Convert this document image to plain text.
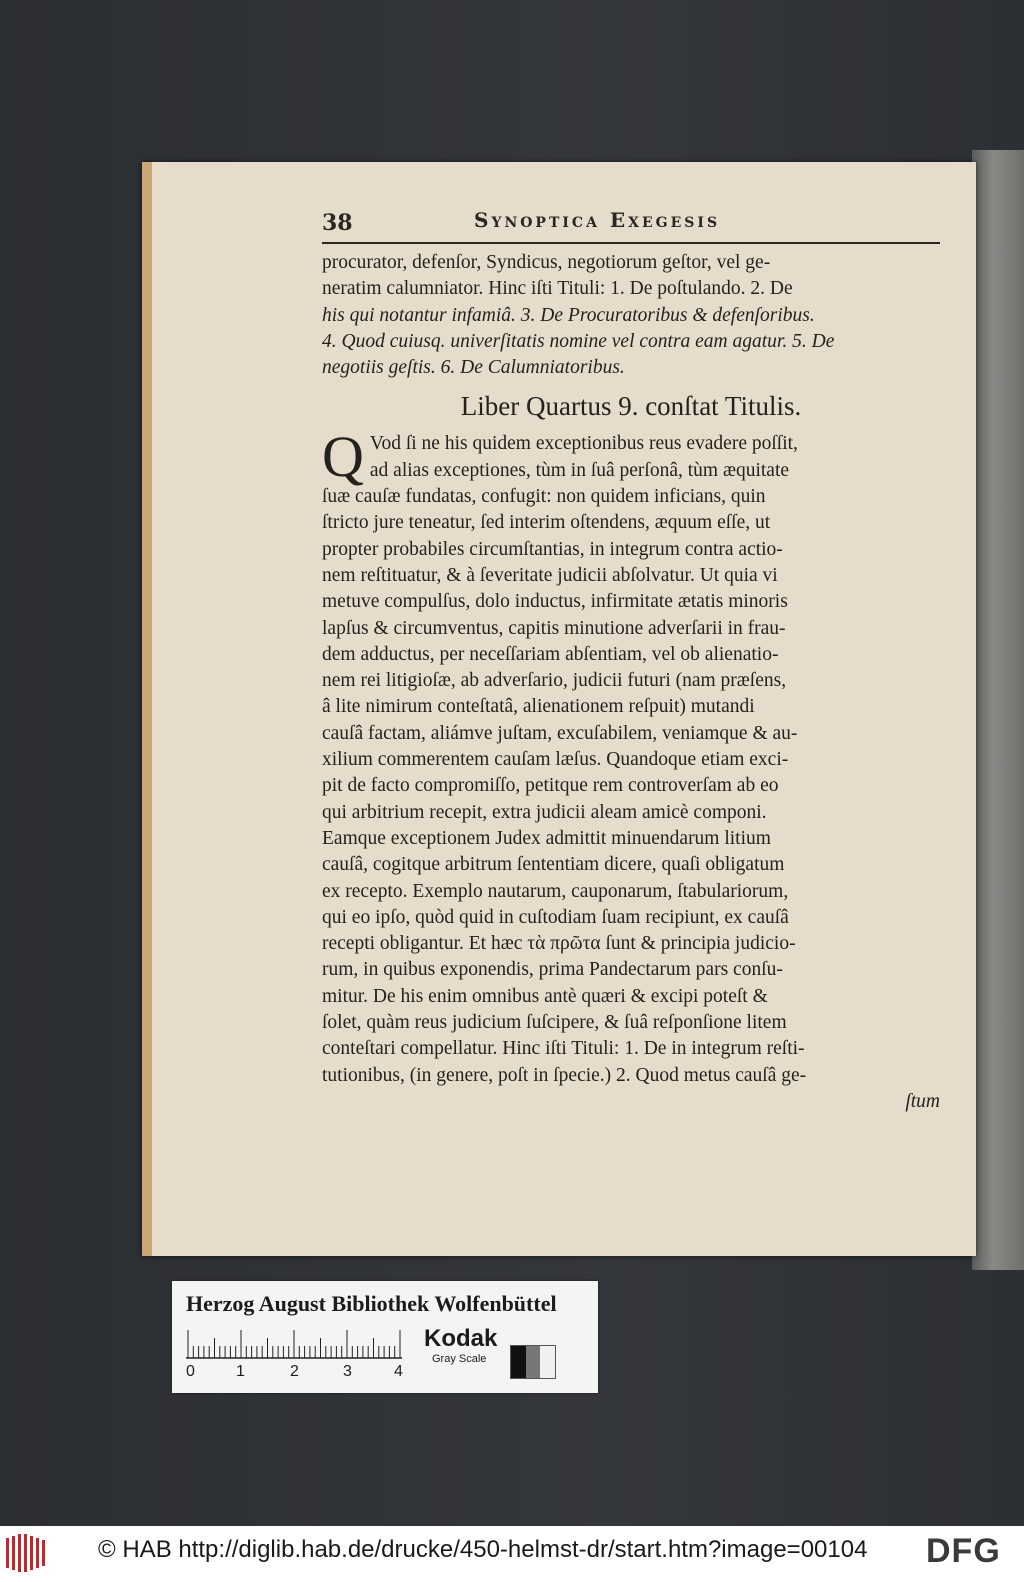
38	Synoptica Exegesis
procurator, defenſor, Syndicus, negotiorum geſtor, vel ge-
neratim calumniator. Hinc iſti Tituli: 1. De poſtulando. 2. De
his qui notantur infamiâ. 3. De Procuratoribus & defenſoribus.
4. Quod cuiusq. univerſitatis nomine vel contra eam agatur. 5. De
negotiis geſtis. 6. De Calumniatoribus.
Liber Quartus 9. conſtat Titulis.
Q Vod ſi ne his quidem exceptionibus reus evadere poſſit,
ad alias exceptiones, tùm in ſuâ perſonâ, tùm æquitate
ſuæ cauſæ fundatas, confugit: non quidem inficians, quin
ſtricto jure teneatur, ſed interim oſtendens, æquum eſſe, ut
propter probabiles circumſtantias, in integrum contra actio-
nem reſtituatur, & à ſeveritate judicii abſolvatur. Ut quia vi
metuve compulſus, dolo inductus, infirmitate ætatis minoris
lapſus & circumventus, capitis minutione adverſarii in frau-
dem adductus, per neceſſariam abſentiam, vel ob alienatio-
nem rei litigioſæ, ab adverſario, judicii futuri (nam præſens,
â lite nimirum conteſtatâ, alienationem reſpuit) mutandi
cauſâ factam, aliámve juſtam, excuſabilem, veniamque & au-
xilium commerentem cauſam læſus. Quandoque etiam exci-
pit de facto compromiſſo, petitque rem controverſam ab eo
qui arbitrium recepit, extra judicii aleam amicè componi.
Eamque exceptionem Judex admittit minuendarum litium
cauſâ, cogitque arbitrum ſententiam dicere, quaſi obligatum
ex recepto. Exemplo nautarum, cauponarum, ſtabulariorum,
qui eo ipſo, quòd quid in cuſtodiam ſuam recipiunt, ex cauſâ
recepti obligantur. Et hæc τὰ πρῶτα ſunt & principia judicio-
rum, in quibus exponendis, prima Pandectarum pars conſu-
mitur. De his enim omnibus antè quæri & excipi poteſt &
ſolet, quàm reus judicium ſuſcipere, & ſuâ reſponſione litem
conteſtari compellatur. Hinc iſti Tituli: 1. De in integrum reſti-
tutionibus, (in genere, poſt in ſpecie.) 2. Quod metus cauſâ ge-
ſtum
Herzog August Bibliothek Wolfenbüttel
0	1	2	3	4
Kodak
Gray Scale
© HAB http://diglib.hab.de/drucke/450-helmst-dr/start.htm?image=00104 DFG
